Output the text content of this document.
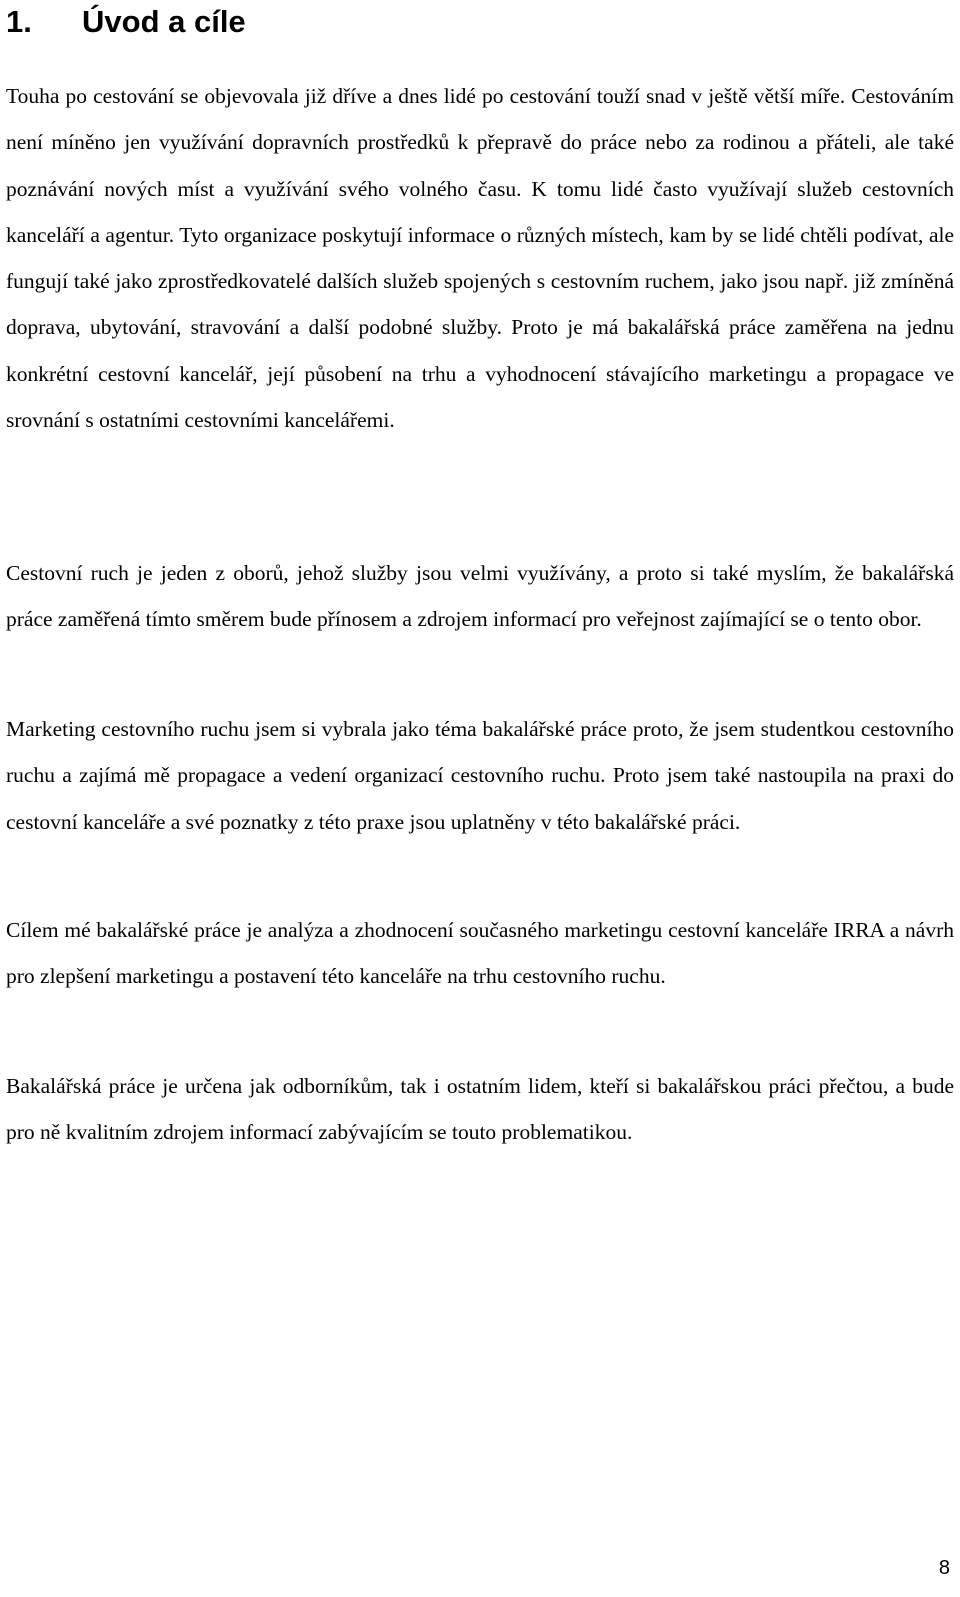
1. Úvod a cíle

Touha po cestování se objevovala již dříve a dnes lidé po cestování touží snad v ještě větší míře. Cestováním není míněno jen využívání dopravních prostředků k přepravě do práce nebo za rodinou a přáteli, ale také poznávání nových míst a využívání svého volného času. K tomu lidé často využívají služeb cestovních kanceláří a agentur. Tyto organizace poskytují informace o různých místech, kam by se lidé chtěli podívat, ale fungují také jako zprostředkovatelé dalších služeb spojených s cestovním ruchem, jako jsou např. již zmíněná doprava, ubytování, stravování a další podobné služby. Proto je má bakalářská práce zaměřena na jednu konkrétní cestovní kancelář, její působení na trhu a vyhodnocení stávajícího marketingu a propagace ve srovnání s ostatními cestovními kancelářemi.

Cestovní ruch je jeden z oborů, jehož služby jsou velmi využívány, a proto si také myslím, že bakalářská práce zaměřená tímto směrem bude přínosem a zdrojem informací pro veřejnost zajímající se o tento obor.

Marketing cestovního ruchu jsem si vybrala jako téma bakalářské práce proto, že jsem studentkou cestovního ruchu a zajímá mě propagace a vedení organizací cestovního ruchu. Proto jsem také nastoupila na praxi do cestovní kanceláře a své poznatky z této praxe jsou uplatněny v této bakalářské práci.

Cílem mé bakalářské práce je analýza a zhodnocení současného marketingu cestovní kanceláře IRRA a návrh pro zlepšení marketingu a postavení této kanceláře na trhu cestovního ruchu.

Bakalářská práce je určena jak odborníkům, tak i ostatním lidem, kteří si bakalářskou práci přečtou, a bude pro ně kvalitním zdrojem informací zabývajícím se touto problematikou.

8
